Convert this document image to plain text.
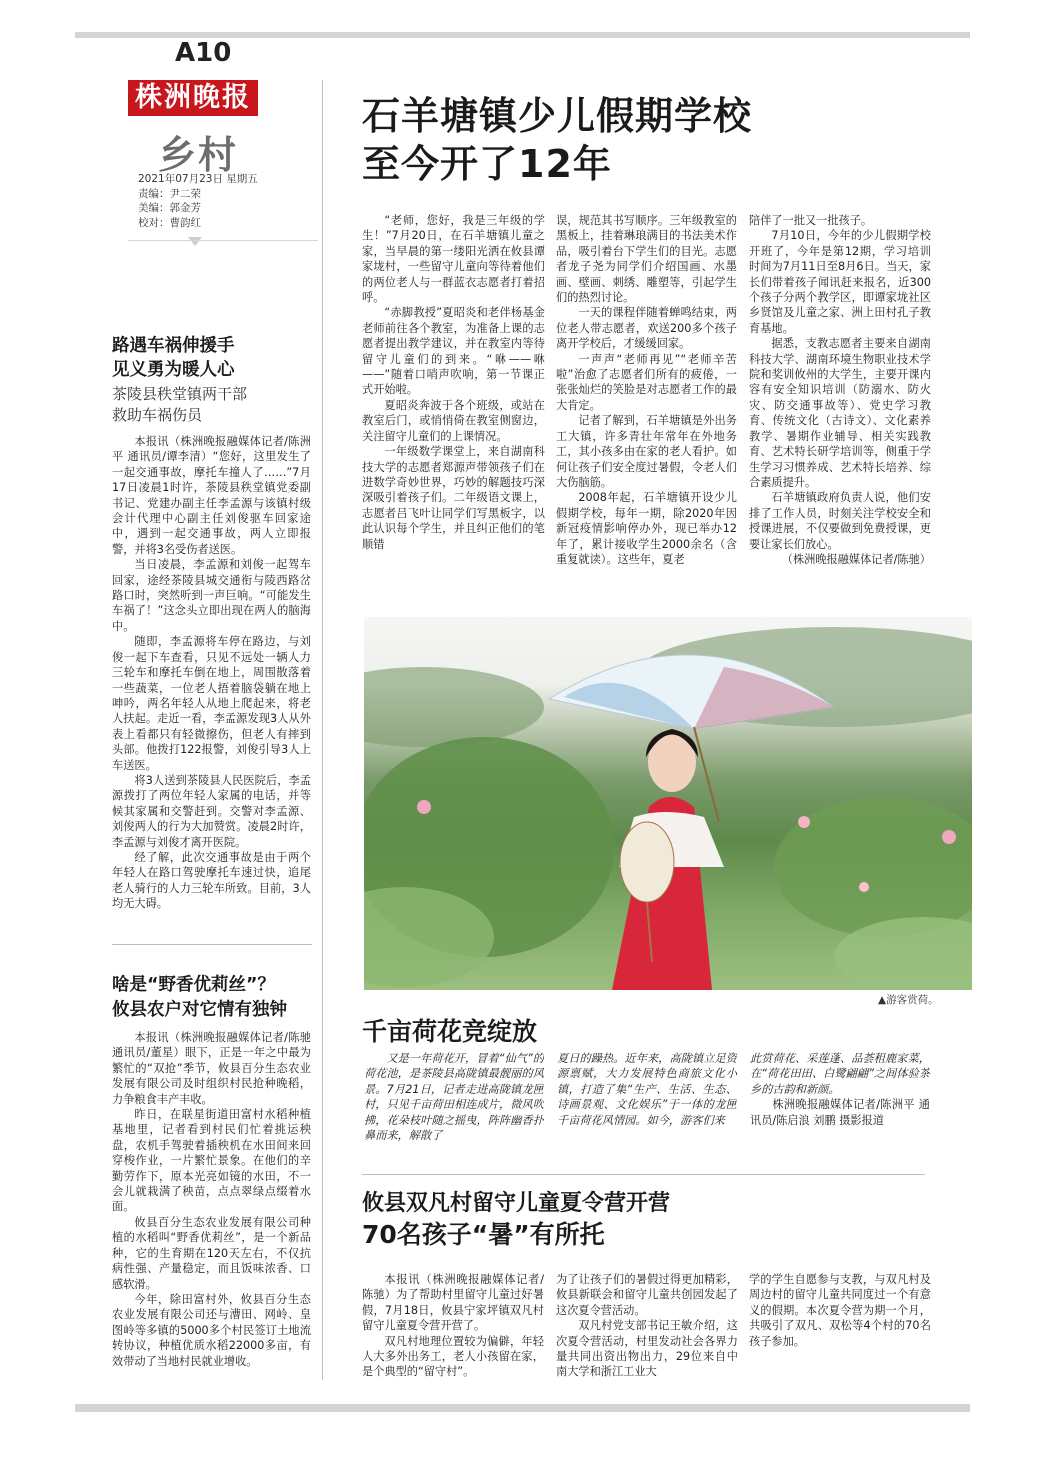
A10
株洲晚报
乡村
2021年07月23日 星期五
责编：尹二荣
美编：郭金芳
校对：曹韵红
石羊塘镇少儿假期学校
至今开了12年

“老师，您好，我是三年级的学生！”7月20日，在石羊塘镇儿童之家，当早晨的第一缕阳光洒在攸县谭家垅村，一些留守儿童向等待着他们的两位老人与一群蓝衣志愿者打着招呼。

“赤脚教授”夏昭炎和老伴杨基金老师前往各个教室，为准备上课的志愿者提出教学建议，并在教室内等待留守儿童们的到来。“咻——咻——”随着口哨声吹响，第一节课正式开始啦。

夏昭炎奔波于各个班级，或站在教室后门，或悄悄倚在教室侧窗边，关注留守儿童们的上课情况。

一年级数学课堂上，来自湖南科技大学的志愿者郑源声带领孩子们在进数学奇妙世界，巧妙的解题技巧深深吸引着孩子们。二年级语文课上，志愿者吕飞叶让同学们写黑板字，以此认识每个学生，并且纠正他们的笔顺错

误，规范其书写顺序。三年级教室的黑板上，挂着琳琅满目的书法美术作品，吸引着台下学生们的目光。志愿者龙子尧为同学们介绍国画、水墨画、壁画、刺绣、雕塑等，引起学生们的热烈讨论。

一天的课程伴随着蝉鸣结束，两位老人带志愿者，欢送200多个孩子离开学校后，才缓缓回家。

一声声“老师再见”“老师辛苦啦”治愈了志愿者们所有的疲倦，一张张灿烂的笑脸是对志愿者工作的最大肯定。

记者了解到，石羊塘镇是外出务工大镇，许多青壮年常年在外地务工，其小孩多由在家的老人看护。如何让孩子们安全度过暑假，令老人们大伤脑筋。

2008年起，石羊塘镇开设少儿假期学校，每年一期，除2020年因新冠疫情影响停办外，现已举办12年了，累计接收学生2000余名（含重复就读）。这些年，夏老

陪伴了一批又一批孩子。

7月10日，今年的少儿假期学校开班了，今年是第12期，学习培训时间为7月11日至8月6日。当天，家长们带着孩子闻讯赶来报名，近300个孩子分两个教学区，即谭家垅社区乡贤馆及儿童之家、洲上田村孔子教育基地。

据悉，支教志愿者主要来自湖南科技大学、湖南环境生物职业技术学院和奖训攸州的大学生，主要开课内容有安全知识培训（防溺水、防火灾、防交通事故等）、党史学习教育、传统文化（古诗文）、文化素养教学、暑期作业辅导、相关实践教育、艺术特长研学培训等，侧重于学生学习习惯养成、艺术特长培养、综合素质提升。

石羊塘镇政府负责人说，他们安排了工作人员，时刻关注学校安全和授课进展，不仅要做到免费授课，更要让家长们放心。

（株洲晚报融媒体记者/陈驰）

路遇车祸伸援手
见义勇为暖人心
茶陵县秩堂镇两干部
救助车祸伤员

本报讯（株洲晚报融媒体记者/陈洲平 通讯员/谭李清）“您好，这里发生了一起交通事故，摩托车撞人了……”7月17日凌晨1时许，茶陵县秩堂镇党委副书记、党建办副主任李孟源与该镇村级会计代理中心副主任刘俊驱车回家途中，遇到一起交通事故，两人立即报警，并将3名受伤者送医。

当日凌晨，李孟源和刘俊一起驾车回家，途经茶陵县城交通衔与陵西路岔路口时，突然听到一声巨响。“可能发生车祸了！”这念头立即出现在两人的脑海中。

随即，李孟源将车停在路边，与刘俊一起下车查看，只见不远处一辆人力三轮车和摩托车倒在地上，周围散落着一些蔬菜，一位老人捂着脑袋躺在地上呻吟，两名年轻人从地上爬起来，将老人扶起。走近一看，李孟源发现3人从外表上看都只有轻微擦伤，但老人有摔到头部。他拨打122报警，刘俊引导3人上车送医。

将3人送到茶陵县人民医院后，李孟源拨打了两位年轻人家属的电话，并等候其家属和交警赶到。交警对李孟源、刘俊两人的行为大加赞赏。凌晨2时许，李孟源与刘俊才离开医院。

经了解，此次交通事故是由于两个年轻人在路口驾驶摩托车速过快，追尾老人骑行的人力三轮车所致。目前，3人均无大碍。

啥是“野香优莉丝”？
攸县农户对它情有独钟

本报讯（株洲晚报融媒体记者/陈驰 通讯员/董星）眼下，正是一年之中最为繁忙的“双抢”季节，攸县百分生态农业发展有限公司及时组织村民抢种晚稻，力争粮食丰产丰收。

昨日，在联星街道田富村水稻种植基地里，记者看到村民们忙着挑运秧盘，农机手驾驶着插秧机在水田间来回穿梭作业，一片繁忙景象。在他们的辛勤劳作下，原本光亮如镜的水田，不一会儿就栽满了秧苗，点点翠绿点缀着水面。

攸县百分生态农业发展有限公司种植的水稻叫“野香优莉丝”，是一个新品种，它的生育期在120天左右，不仅抗病性强、产量稳定，而且饭味浓香、口感软滑。

今年，除田富村外，攸县百分生态农业发展有限公司还与漕田、网岭、皇图岭等多镇的5000多个村民签订土地流转协议，种植优质水稻22000多亩，有效带动了当地村民就业增收。

▲游客赏荷。
千亩荷花竞绽放

又是一年荷花开，冒着“仙气”的荷花池，是茶陵县高陇镇最靓丽的风景。7月21日，记者走进高陇镇龙匣村，只见千亩荷田相连成片，微风吹拂，花朵枝叶随之摇曳，阵阵幽香扑鼻而来，解散了

夏日的躁热。近年来，高陇镇立足资源禀赋，大力发展特色商旅文化小镇，打造了集“生产、生活、生态、诗画景观、文化娱乐”于一体的龙匣千亩荷花风情园。如今，游客们来

此赏荷花、采莲蓬、品荟租鹿家菜，在“荷花田田、白鹭翩翩”之间体验茶乡的古韵和新颜。

株洲晚报融媒体记者/陈洲平 通讯员/陈启浪 刘鹏 摄影报道

攸县双凡村留守儿童夏令营开营
70名孩子“暑”有所托

本报讯（株洲晚报融媒体记者/陈驰）为了帮助村里留守儿童过好暑假，7月18日，攸县宁家坪镇双凡村留守儿童夏令营开营了。

双凡村地理位置较为偏僻，年轻人大多外出务工，老人小孩留在家，是个典型的“留守村”。

为了让孩子们的暑假过得更加精彩，攸县新联会和留守儿童共创园发起了这次夏令营活动。

双凡村党支部书记王敏介绍，这次夏令营活动，村里发动社会各界力量共同出资出物出力，29位来自中南大学和浙江工业大

学的学生自愿参与支教，与双凡村及周边村的留守儿童共同度过一个有意义的假期。本次夏令营为期一个月，共吸引了双凡、双松等4个村的70名孩子参加。
